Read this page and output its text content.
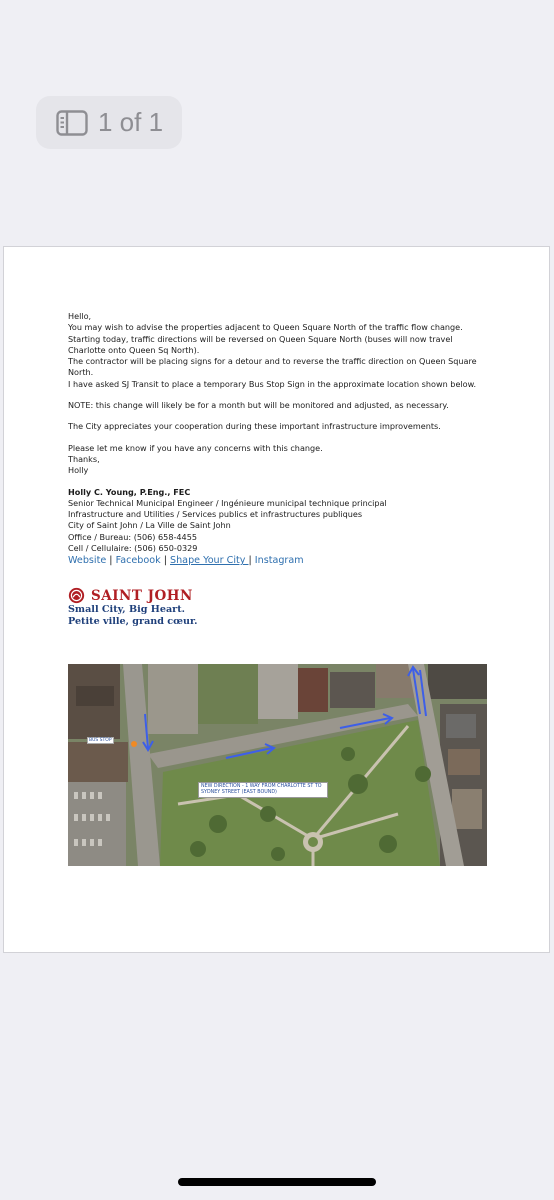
1 of 1

Hello,

You may wish to advise the properties adjacent to Queen Square North of the traffic flow change.

Starting today, traffic directions will be reversed on Queen Square North (buses will now travel Charlotte onto Queen Sq North).

The contractor will be placing signs for a detour and to reverse the traffic direction on Queen Square North.

I have asked SJ Transit to place a temporary Bus Stop Sign in the approximate location shown below.

NOTE: this change will likely be for a month but will be monitored and adjusted, as necessary.

The City appreciates your cooperation during these important infrastructure improvements.

Please let me know if you have any concerns with this change.

Thanks,

Holly

Holly C. Young, P.Eng., FEC

Senior Technical Municipal Engineer / Ingénieure municipal technique principal

Infrastructure and Utilities / Services publics et infrastructures publiques

City of Saint John / La Ville de Saint John

Office / Bureau: (506) 658-4455

Cell / Cellulaire: (506) 650-0329

Website | Facebook | Shape Your City | Instagram

SAINT JOHN
Small City, Big Heart.
Petite ville, grand cœur.
BUS STOP
NEW DIRECTION - 1 WAY FROM CHARLOTTE ST TO SYDNEY STREET (EAST BOUND)
